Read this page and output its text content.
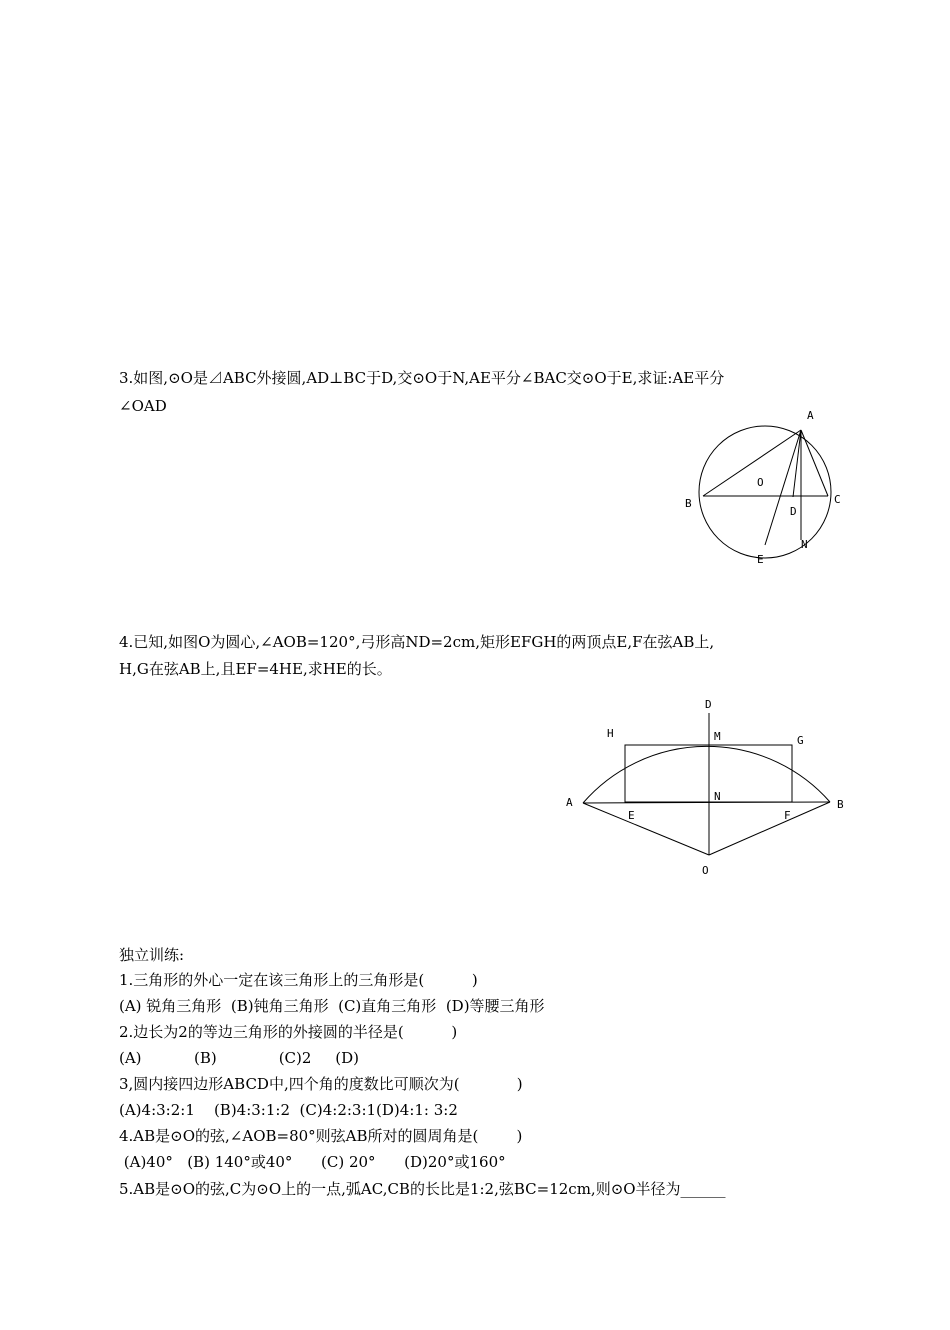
3.如图,⊙O是⊿ABC外接圆,AD⊥BC于D,交⊙O于N,AE平分∠BAC交⊙O于E,求证:AE平分
∠OAD
A
B	C
O
D
N
E
4.已知,如图O为圆心,∠AOB=120°,弓形高ND=2cm,矩形EFGH的两顶点E,F在弦AB上,
H,G在弦AB上,且EF=4HE,求HE的长。
D
H	M	G
A
E
N
F
B
O
独立训练:
1.三角形的外心一定在该三角形上的三角形是(          )
(A) 锐角三角形  (B)钝角三角形  (C)直角三角形  (D)等腰三角形
2.边长为2的等边三角形的外接圆的半径是(          )
(A)           (B)             (C)2     (D)
3,圆内接四边形ABCD中,四个角的度数比可顺次为(            )
(A)4:3:2:1    (B)4:3:1:2  (C)4:2:3:1(D)4:1: 3:2
4.AB是⊙O的弦,∠AOB=80°则弦AB所对的圆周角是(        )
(A)40°   (B) 140°或40°      (C) 20°      (D)20°或160°
5.AB是⊙O的弦,C为⊙O上的一点,弧AC,CB的长比是1:2,弦BC=12cm,则⊙O半径为______
